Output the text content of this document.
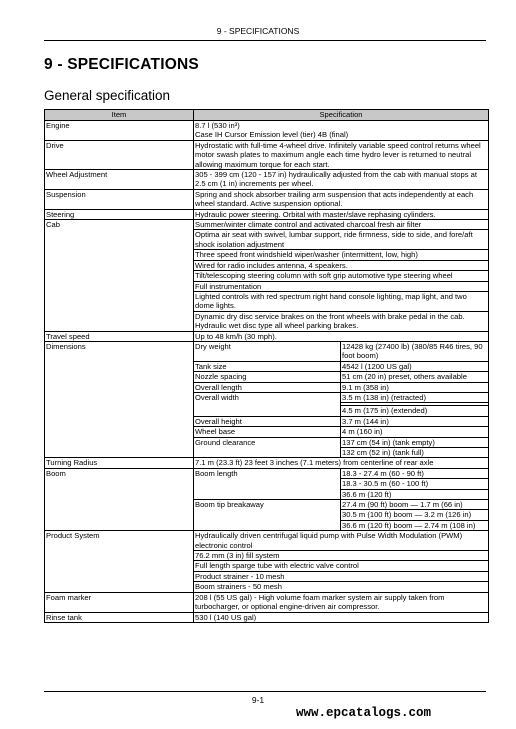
9 - SPECIFICATIONS
9 - SPECIFICATIONS
General specification
Item	Specification	
Engine	8.7 l (530 in³)
Case IH Cursor Emission level (tier) 4B (final)	

Drive	Hydrostatic with full-time 4-wheel drive. Infinitely variable speed control returns wheel motor swash plates to maximum angle each time hydro lever is returned to neutral allowing maximum torque for each start.	
Wheel Adjustment	305 - 399 cm (120 - 157 in) hydraulically adjusted from the cab with manual stops at 2.5 cm (1 in) increments per wheel.	
Suspension	Spring and shock absorber trailing arm suspension that acts independently at each wheel standard. Active suspension optional.	
Steering	Hydraulic power steering. Orbital with master/slave rephasing cylinders.	
Cab	Summer/winter climate control and activated charcoal fresh air filter	
	Optima air seat with swivel, lumbar support, ride firmness, side to side, and fore/aft shock isolation adjustment	
	Three speed front windshield wiper/washer (intermittent, low, high)	
	Wired for radio includes antenna, 4 speakers.	
	Tilt/telescoping steering column with soft grip automotive type steering wheel	
	Full instrumentation	
	Lighted controls with red spectrum right hand console lighting, map light, and two dome lights.	
	Dynamic dry disc service brakes on the front wheels with brake pedal in the cab. Hydraulic wet disc type all wheel parking brakes.	
Travel speed	Up to 48 km/h (30 mph).	
Dimensions	Dry weight	12428 kg (27400 lb) (380/85 R46 tires, 90 foot boom)
	Tank size	4542 l (1200 US gal)
	Nozzle spacing	51 cm (20 in) preset, others available
	Overall length	9.1 m (358 in)
	Overall width	3.5 m (138 in) (retracted)

		4.5 m (175 in) (extended)
	Overall height	3.7 m (144 in)
	Wheel base	4 m (160 in)
	Ground clearance	137 cm (54 in) (tank empty)
		132 cm (52 in) (tank full)
Turning Radius	7.1 m (23.3 ft) 23 feet 3 inches (7.1 meters) from centerline of rear axle	
Boom	Boom length	18.3 - 27.4 m (60 - 90 ft)
		18.3 - 30.5 m (60 - 100 ft)
		36.6 m (120 ft)
	Boom tip breakaway	27.4 m (90 ft) boom — 1.7 m (66 in)
		30.5 m (100 ft) boom — 3.2 m (126 in)
		36.6 m (120 ft) boom — 2.74 m (108 in)
Product System	Hydraulically driven centrifugal liquid pump with Pulse Width Modulation (PWM) electronic control	
	76.2 mm (3 in) fill system	
	Full length sparge tube with electric valve control	
	Product strainer - 10 mesh	
	Boom strainers - 50 mesh	
Foam marker	208 l (55 US gal) - High volume foam marker system air supply taken from turbocharger, or optional engine-driven air compressor.	
Rinse tank	530 l (140 US gal)	
9-1
www.epcatalogs.com
